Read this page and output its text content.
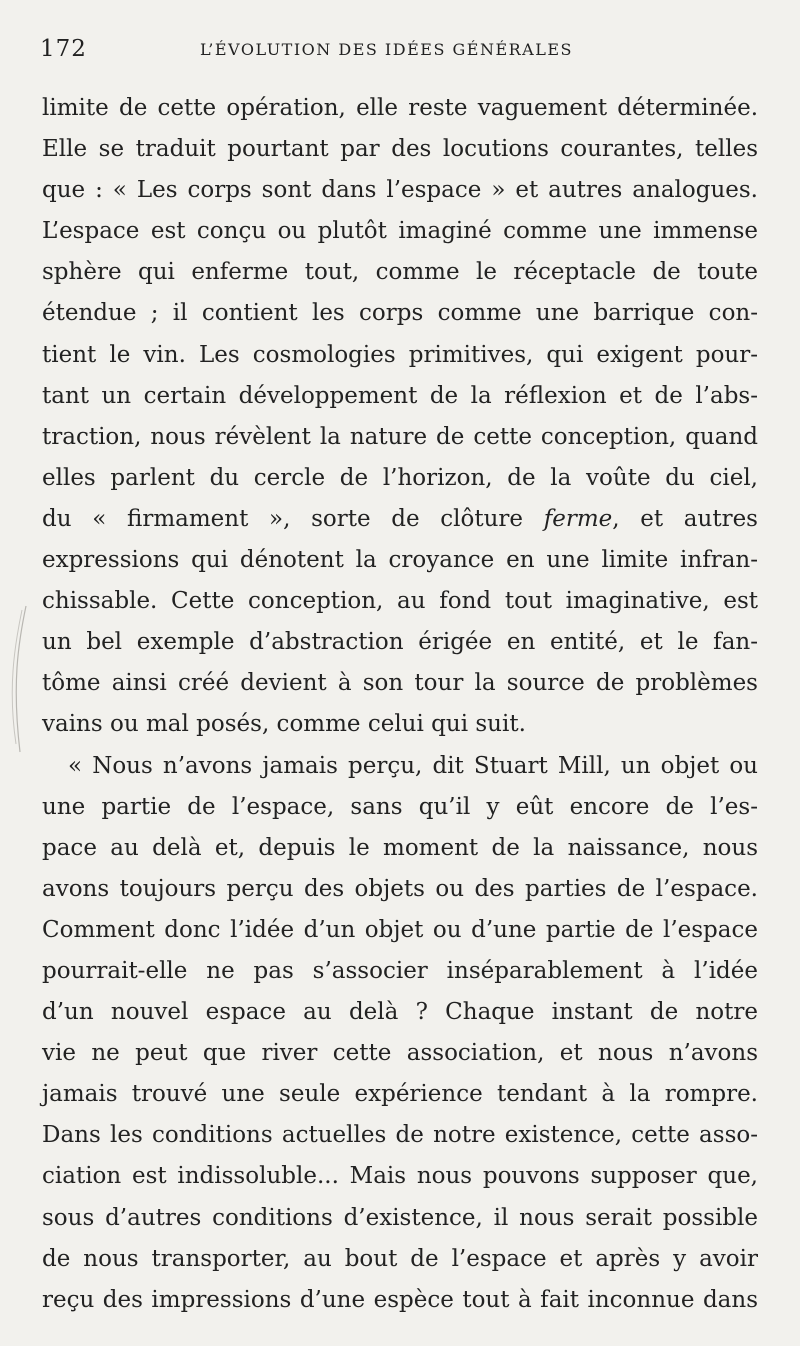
172	L’ÉVOLUTION DES IDÉES GÉNÉRALES
limite de cette opération, elle reste vaguement déterminée.
Elle se traduit pourtant par des locutions courantes, telles
que : « Les corps sont dans l’espace » et autres analogues.
L’espace est conçu ou plutôt imaginé comme une immense
sphère qui enferme tout, comme le réceptacle de toute
étendue ; il contient les corps comme une barrique con-
tient le vin. Les cosmologies primitives, qui exigent pour-
tant un certain développement de la réflexion et de l’abs-
traction, nous révèlent la nature de cette conception, quand
elles parlent du cercle de l’horizon, de la voûte du ciel,
du « firmament », sorte de clôture ferme, et autres
expressions qui dénotent la croyance en une limite infran-
chissable. Cette conception, au fond tout imaginative, est
un bel exemple d’abstraction érigée en entité, et le fan-
tôme ainsi créé devient à son tour la source de problèmes
vains ou mal posés, comme celui qui suit.
« Nous n’avons jamais perçu, dit Stuart Mill, un objet ou
une partie de l’espace, sans qu’il y eût encore de l’es-
pace au delà et, depuis le moment de la naissance, nous
avons toujours perçu des objets ou des parties de l’espace.
Comment donc l’idée d’un objet ou d’une partie de l’espace
pourrait-elle ne pas s’associer inséparablement à l’idée
d’un nouvel espace au delà ? Chaque instant de notre
vie ne peut que river cette association, et nous n’avons
jamais trouvé une seule expérience tendant à la rompre.
Dans les conditions actuelles de notre existence, cette asso-
ciation est indissoluble... Mais nous pouvons supposer que,
sous d’autres conditions d’existence, il nous serait possible
de nous transporter, au bout de l’espace et après y avoir
reçu des impressions d’une espèce tout à fait inconnue dans
